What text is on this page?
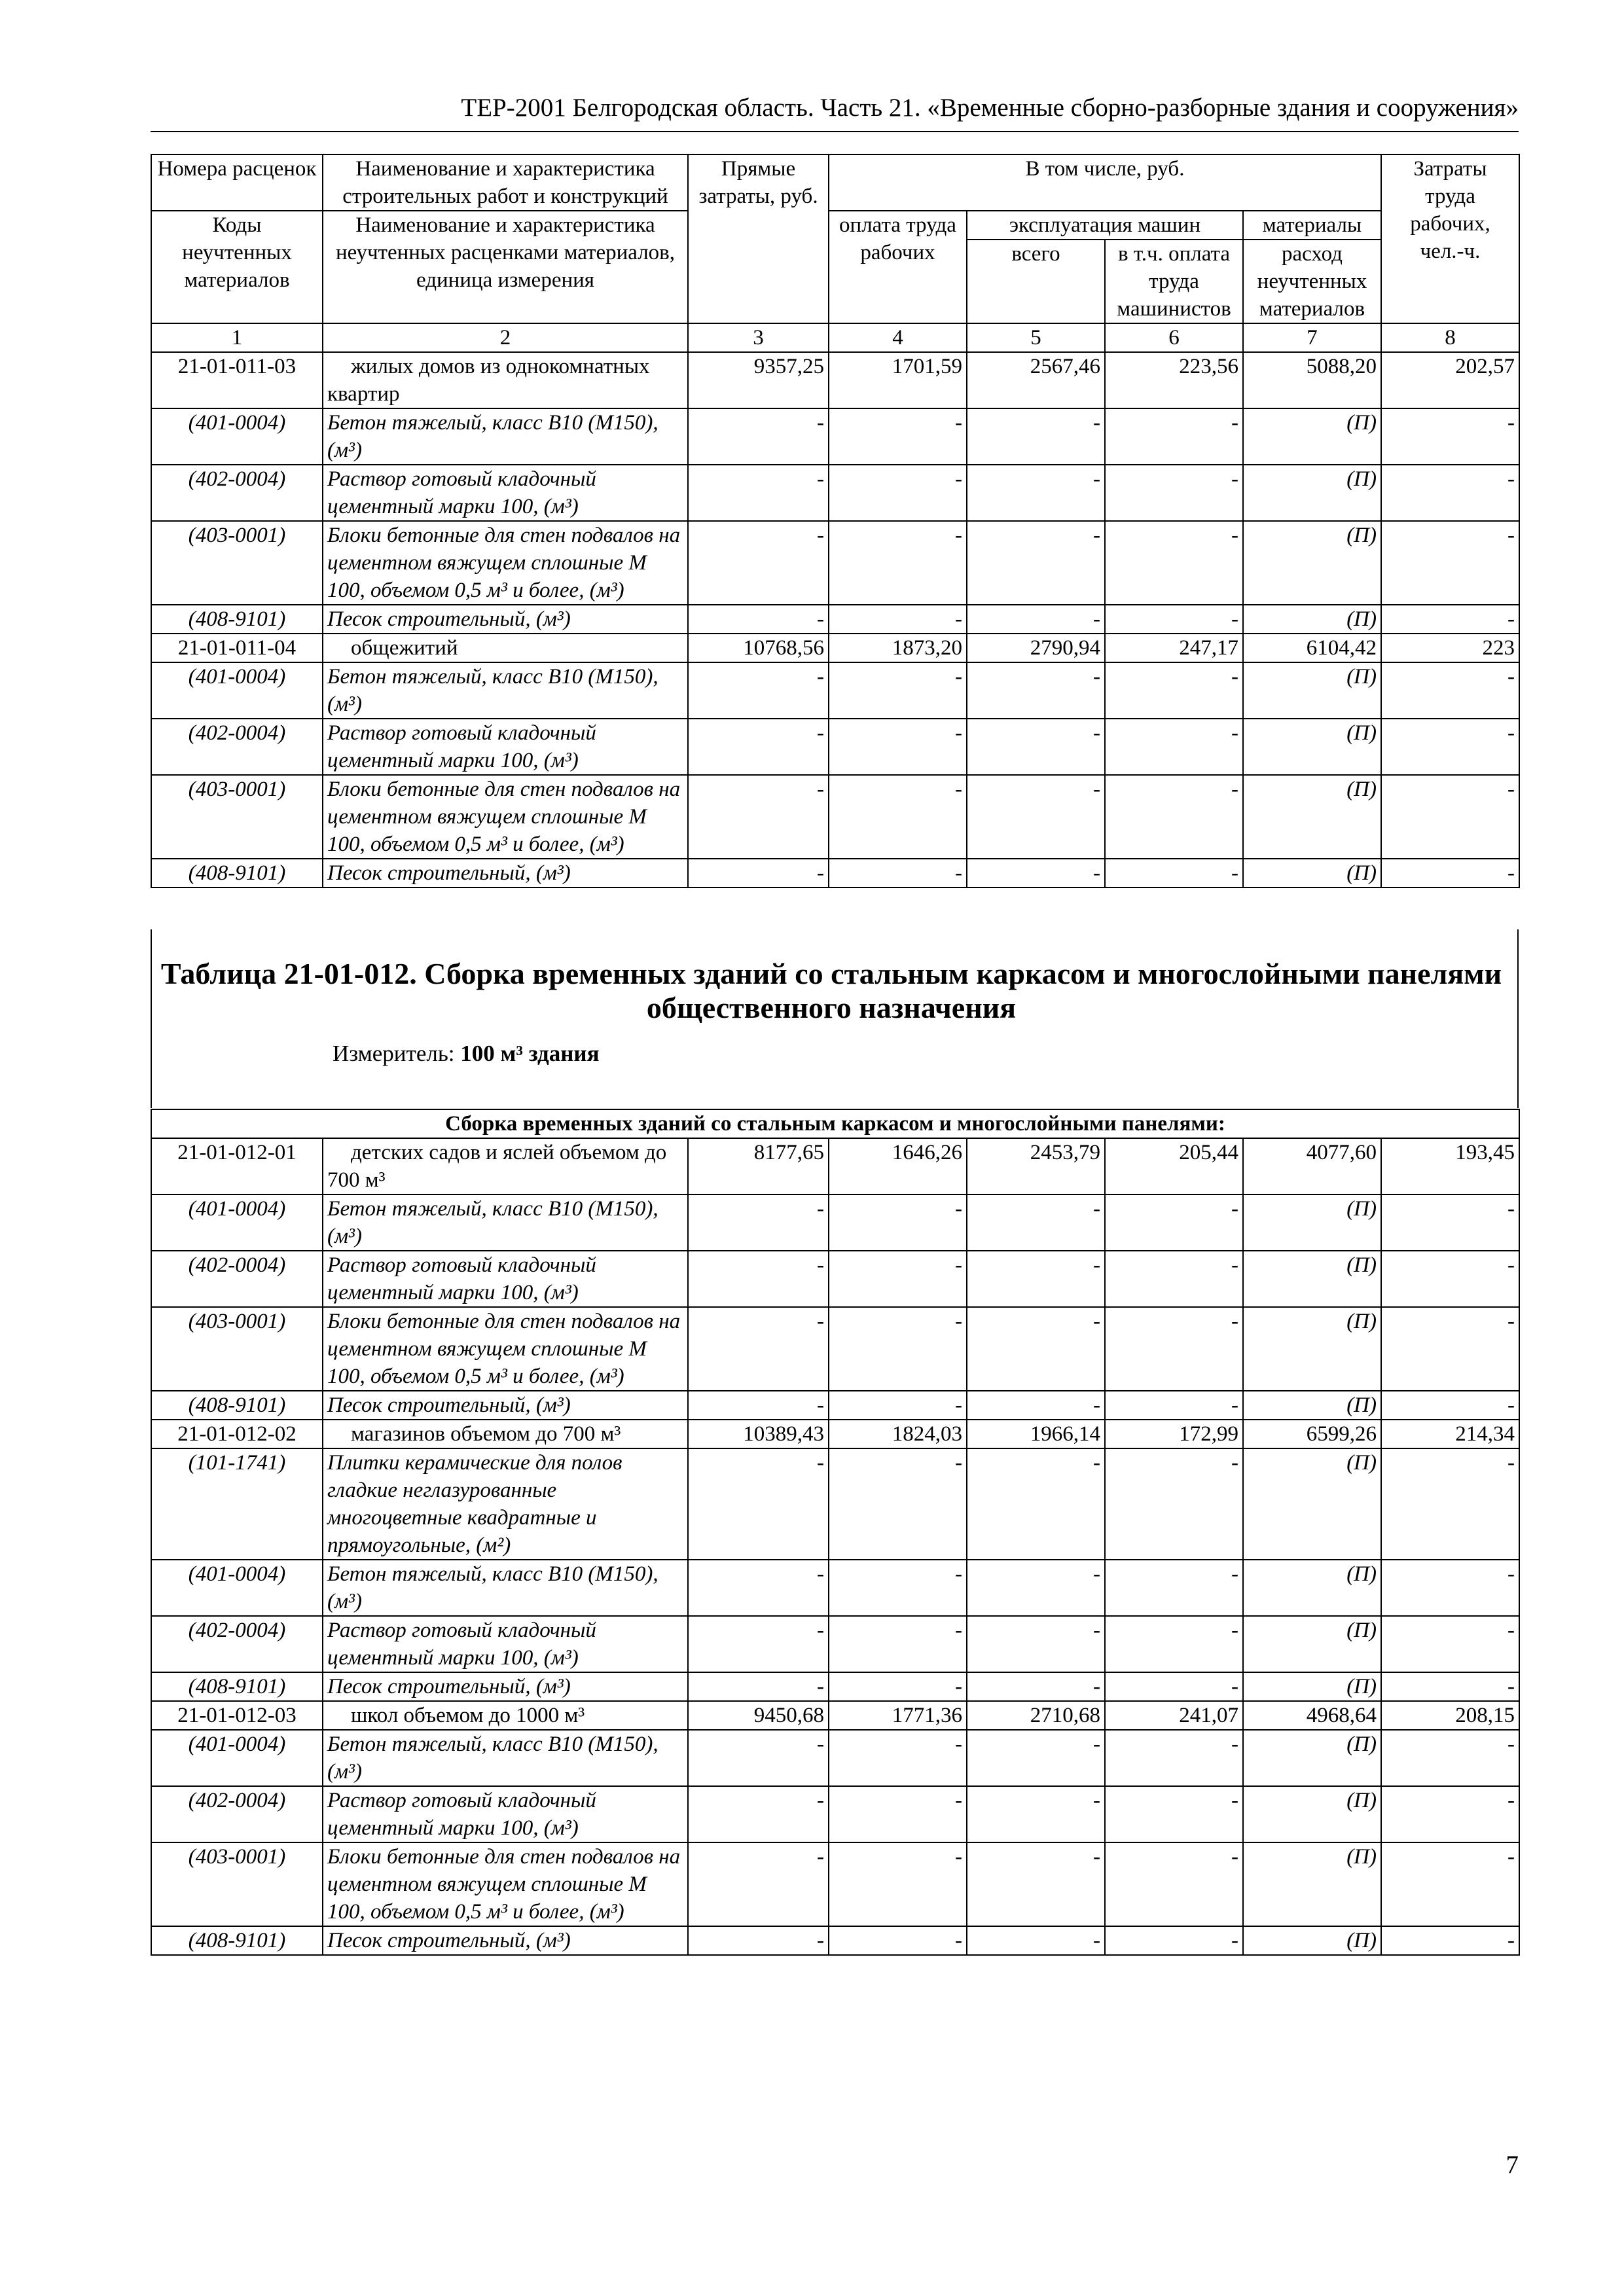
ТЕР-2001 Белгородская область. Часть 21. «Временные сборно-разборные здания и сооружения»
Номера расценок	Наименование и характеристика строительных работ и конструкций	Прямые затраты, руб.	В том числе, руб.				Затраты труда рабочих, чел.-ч.
Коды неучтенных материалов	Наименование и характеристика неучтенных расценками материалов, единица измерения		оплата труда рабочих	эксплуатация машин		материалы	
				всего	в т.ч. оплата труда машинистов	расход неучтенных материалов	
1	2	3	4	5	6	7	8
21-01-011-03	жилых домов из однокомнатных квартир	9357,25	1701,59	2567,46	223,56	5088,20	202,57
(401-0004)	Бетон тяжелый, класс В10 (М150), (м³)	-	-	-	-	(П)	-
(402-0004)	Раствор готовый кладочный цементный марки 100, (м³)	-	-	-	-	(П)	-
(403-0001)	Блоки бетонные для стен подвалов на цементном вяжущем сплошные М 100, объемом 0,5 м³ и более, (м³)	-	-	-	-	(П)	-
(408-9101)	Песок строительный, (м³)	-	-	-	-	(П)	-
21-01-011-04	общежитий	10768,56	1873,20	2790,94	247,17	6104,42	223
(401-0004)	Бетон тяжелый, класс В10 (М150), (м³)	-	-	-	-	(П)	-
(402-0004)	Раствор готовый кладочный цементный марки 100, (м³)	-	-	-	-	(П)	-
(403-0001)	Блоки бетонные для стен подвалов на цементном вяжущем сплошные М 100, объемом 0,5 м³ и более, (м³)	-	-	-	-	(П)	-
(408-9101)	Песок строительный, (м³)	-	-	-	-	(П)	-
Таблица 21-01-012. Сборка временных зданий со стальным каркасом и многослойными панелями общественного назначения
Измеритель: 100 м³ здания
Сборка временных зданий со стальным каркасом и многослойными панелями:							
21-01-012-01	детских садов и яслей объемом до 700 м³	8177,65	1646,26	2453,79	205,44	4077,60	193,45
(401-0004)	Бетон тяжелый, класс В10 (М150), (м³)	-	-	-	-	(П)	-
(402-0004)	Раствор готовый кладочный цементный марки 100, (м³)	-	-	-	-	(П)	-
(403-0001)	Блоки бетонные для стен подвалов на цементном вяжущем сплошные М 100, объемом 0,5 м³ и более, (м³)	-	-	-	-	(П)	-
(408-9101)	Песок строительный, (м³)	-	-	-	-	(П)	-
21-01-012-02	магазинов объемом до 700 м³	10389,43	1824,03	1966,14	172,99	6599,26	214,34
(101-1741)	Плитки керамические для полов гладкие неглазурованные многоцветные квадратные и прямоугольные, (м²)	-	-	-	-	(П)	-
(401-0004)	Бетон тяжелый, класс В10 (М150), (м³)	-	-	-	-	(П)	-
(402-0004)	Раствор готовый кладочный цементный марки 100, (м³)	-	-	-	-	(П)	-
(408-9101)	Песок строительный, (м³)	-	-	-	-	(П)	-
21-01-012-03	школ объемом до 1000 м³	9450,68	1771,36	2710,68	241,07	4968,64	208,15
(401-0004)	Бетон тяжелый, класс В10 (М150), (м³)	-	-	-	-	(П)	-
(402-0004)	Раствор готовый кладочный цементный марки 100, (м³)	-	-	-	-	(П)	-
(403-0001)	Блоки бетонные для стен подвалов на цементном вяжущем сплошные М 100, объемом 0,5 м³ и более, (м³)	-	-	-	-	(П)	-
(408-9101)	Песок строительный, (м³)	-	-	-	-	(П)	-
7
